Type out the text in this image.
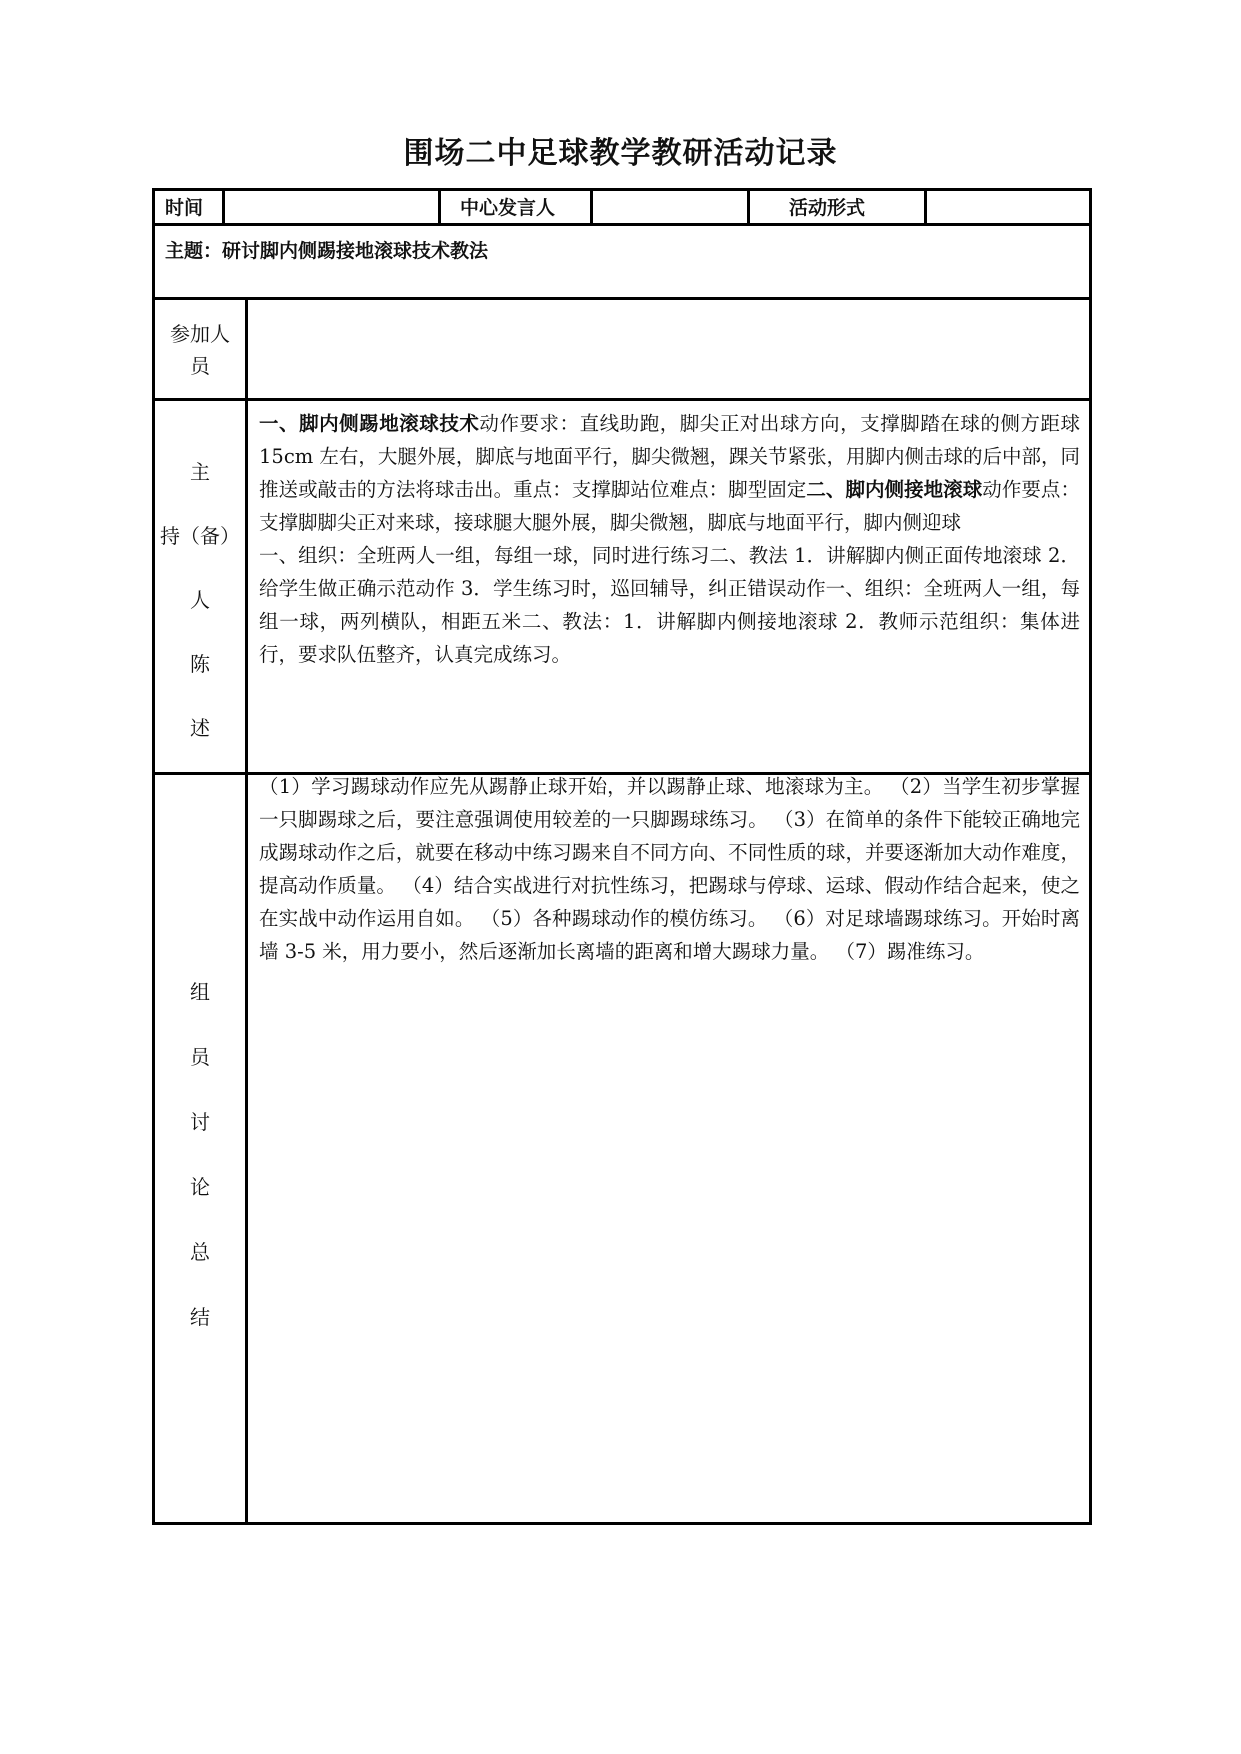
围场二中足球教学教研活动记录
时间	中心发言人	活动形式
主题：研讨脚内侧踢接地滚球技术教法
参加人
员
主
持（备）
人
陈
述
一、脚内侧踢地滚球技术动作要求：直线助跑，脚尖正对出球方向，支撑脚踏在球的侧方距球 15cm 左右，大腿外展，脚底与地面平行，脚尖微翘，踝关节紧张，用脚内侧击球的后中部，同推送或敲击的方法将球击出。重点：支撑脚站位难点：脚型固定二、脚内侧接地滚球动作要点：支撑脚脚尖正对来球，接球腿大腿外展，脚尖微翘，脚底与地面平行，脚内侧迎球
一、组织：全班两人一组，每组一球，同时进行练习二、教法 1．讲解脚内侧正面传地滚球 2．给学生做正确示范动作 3．学生练习时，巡回辅导，纠正错误动作一、组织：全班两人一组，每组一球，两列横队，相距五米二、教法：1．讲解脚内侧接地滚球 2．教师示范组织：集体进行，要求队伍整齐，认真完成练习。
组
员
讨
论
总
结
（1）学习踢球动作应先从踢静止球开始，并以踢静止球、地滚球为主。 （2）当学生初步掌握一只脚踢球之后，要注意强调使用较差的一只脚踢球练习。 （3）在简单的条件下能较正确地完成踢球动作之后，就要在移动中练习踢来自不同方向、不同性质的球，并要逐渐加大动作难度，提高动作质量。 （4）结合实战进行对抗性练习，把踢球与停球、运球、假动作结合起来，使之在实战中动作运用自如。 （5）各种踢球动作的模仿练习。 （6）对足球墙踢球练习。开始时离墙 3-5 米，用力要小，然后逐渐加长离墙的距离和增大踢球力量。 （7）踢准练习。
